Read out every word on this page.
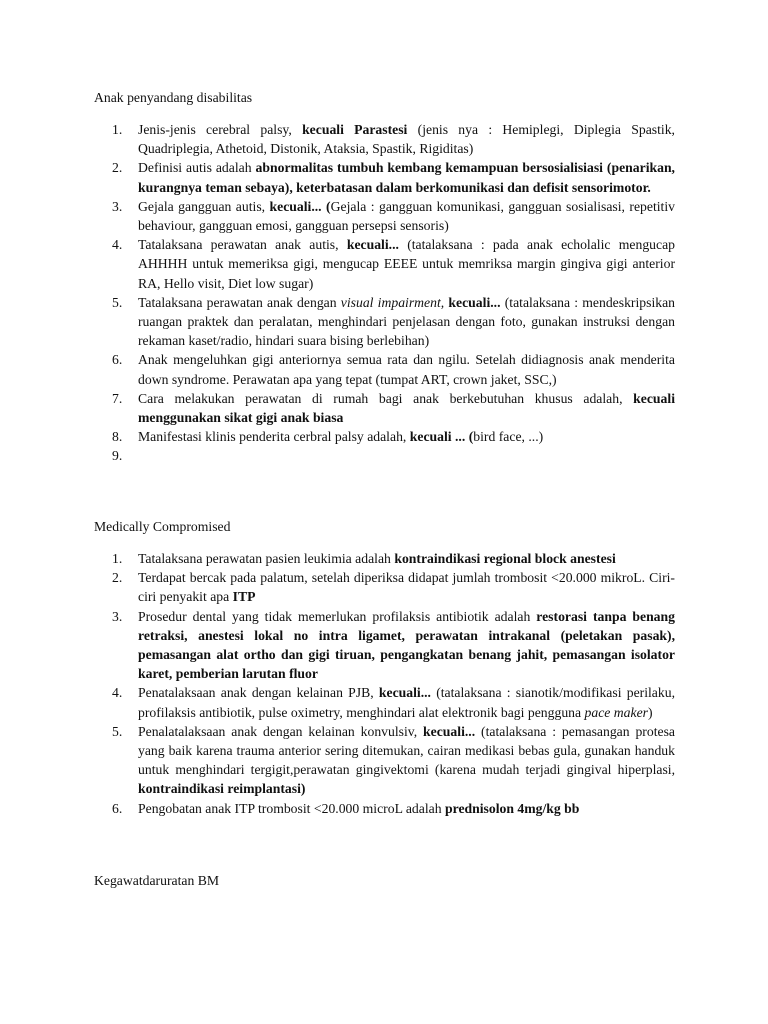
Anak penyandang disabilitas

1. Jenis-jenis cerebral palsy, kecuali Parastesi (jenis nya : Hemiplegi, Diplegia Spastik, Quadriplegia, Athetoid, Distonik, Ataksia, Spastik, Rigiditas)
2. Definisi autis adalah abnormalitas tumbuh kembang kemampuan bersosialisiasi (penarikan, kurangnya teman sebaya), keterbatasan dalam berkomunikasi dan defisit sensorimotor.
3. Gejala gangguan autis, kecuali... (Gejala : gangguan komunikasi, gangguan sosialisasi, repetitiv behaviour, gangguan emosi, gangguan persepsi sensoris)
4. Tatalaksana perawatan anak autis, kecuali... (tatalaksana : pada anak echolalic mengucap AHHHH untuk memeriksa gigi, mengucap EEEE untuk memriksa margin gingiva gigi anterior RA, Hello visit, Diet low sugar)
5. Tatalaksana perawatan anak dengan visual impairment, kecuali... (tatalaksana : mendeskripsikan ruangan praktek dan peralatan, menghindari penjelasan dengan foto, gunakan instruksi dengan rekaman kaset/radio, hindari suara bising berlebihan)
6. Anak mengeluhkan gigi anteriornya semua rata dan ngilu. Setelah didiagnosis anak menderita down syndrome. Perawatan apa yang tepat (tumpat ART, crown jaket, SSC,)
7. Cara melakukan perawatan di rumah bagi anak berkebutuhan khusus adalah, kecuali menggunakan sikat gigi anak biasa
8. Manifestasi klinis penderita cerbral palsy adalah, kecuali ... (bird face, ...)
9.

Medically Compromised

1. Tatalaksana perawatan pasien leukimia adalah kontraindikasi regional block anestesi
2. Terdapat bercak pada palatum, setelah diperiksa didapat jumlah trombosit <20.000 mikroL. Ciri-ciri penyakit apa ITP
3. Prosedur dental yang tidak memerlukan profilaksis antibiotik adalah restorasi tanpa benang retraksi, anestesi lokal no intra ligamet, perawatan intrakanal (peletakan pasak), pemasangan alat ortho dan gigi tiruan, pengangkatan benang jahit, pemasangan isolator karet, pemberian larutan fluor
4. Penatalaksaan anak dengan kelainan PJB, kecuali... (tatalaksana : sianotik/modifikasi perilaku, profilaksis antibiotik, pulse oximetry, menghindari alat elektronik bagi pengguna pace maker)
5. Penalatalaksaan anak dengan kelainan konvulsiv, kecuali... (tatalaksana : pemasangan protesa yang baik karena trauma anterior sering ditemukan, cairan medikasi bebas gula, gunakan handuk untuk menghindari tergigit,perawatan gingivektomi (karena mudah terjadi gingival hiperplasi, kontraindikasi reimplantasi)
6. Pengobatan anak ITP trombosit <20.000 microL adalah prednisolon 4mg/kg bb

Kegawatdaruratan BM
